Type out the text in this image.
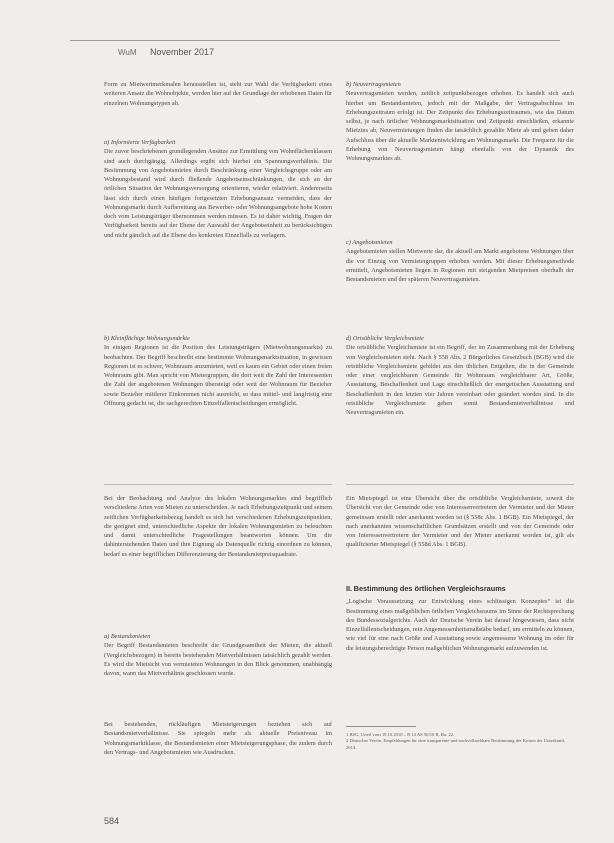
WuM November 2017

Form zu Mietwertmerkmalen herausstellen ist, steht zur Wahl die Verfügbarkeit eines weiteren Ansatz die Wohnobjekte, werden hier auf der Grundlage der erhobenen Daten für einzelnen Wohnungstypen ab.

a) Informierte Verfügbarkeit

Die zuvor beschriebenen grundlegenden Ansätze zur Ermittlung von Wohnflächenklassen sind auch durchgängig. Allerdings ergibt sich hierbei ein Spannungsverhältnis. Die Bestimmung von Angebotsmieten durch Beschränkung einer Vergleichsgruppe oder am Wohnungsbestand wird durch fließende Angebotseinschränkungen, die sich an der örtlichen Situation der Wohnungsversorgung orientieren, wieder relativiert. Andererseits lässt sich durch einen häufigen fortgesetzten Erhebungsansatz vermeiden, dass der Wohnungsmarkt durch Aufbereitung aus Bewerber- oder Wohnungsangebote hohe Kosten doch vom Leistungsträger übernommen werden müssen. Es ist daher wichtig, Fragen der Verfügbarkeit bereits auf der Ebene der Auswahl der Angebotseinheit zu berücksichtigen und nicht gänzlich auf die Ebene des konkreten Einzelfalls zu verlagern.

b) Kleinflächige Wohnungsmärkte

In einigen Regionen ist die Position des Leistungsträgers (Mietwohnungsmarkts) zu beobachten. Der Begriff beschreibt eine bestimmte Wohnungsmarktsituation, in gewissen Regionen ist es schwer, Wohnraum anzumieten, weil es kaum ein Gebiet oder einen freien Wohnraum gibt. Man spricht von Mietergruppen, die dort weit die Zahl der Interessenten die Zahl der angebotenen Wohnungen übersteigt oder weit der Wohnraum für Bezieher sowie Bezieher mittlerer Einkommen nicht ausreicht, so dass mittel- und langfristig eine Öffnung gedacht ist, die sachgerechten Einzelfallentscheidungen ermöglicht.

Bei der Beobachtung und Analyse des lokalen Wohnungsmarktes sind begrifflich verschiedene Arten von Mieten zu unterscheiden. Je nach Erhebungszeitpunkt und seinem zeitlichen Verfügbarkeitsbezug handelt es sich bei verschiedenen Erhebungszeitpunkten, die geeignet sind, unterschiedliche Aspekte der lokalen Wohnungsmieten zu beleuchten und damit unterschiedliche Fragestellungen beantworten können. Um die dahinterstehenden Daten und ihre Eignung als Datenquelle richtig einordnen zu können, bedarf es einer begrifflichen Differenzierung der Bestandsmietpreisquadrate.

a) Bestandsmieten

Der Begriff Bestandsmieten beschreibt die Grundgesamtheit der Mieten, die aktuell (Vergleichsbezogen) in bereits bestehenden Mietverhältnissen tatsächlich gezahlt werden. Es wird die Mietsicht von vermieteten Wohnungen in den Blick genommen, unabhängig davon, wann das Mietverhältnis geschlossen wurde.

Bei bestehenden, rückläufigen Mietsteigerungen beziehen sich auf Bestandsmietverhältnisse. Sie spiegeln mehr als aktuelle Preisniveau im Wohnungsmarktklasse, die Bestandsmieten einer Mietsteigerungsphase, die zudem durch den Vertrags- und Angebotsmieten wie Ausdrucken.

b) Neuvertragsmieten

Neuvertragsmieten werden, zeitlich zeitpunktbezogen erhoben. Es handelt sich auch hierbei um Bestandsmieten, jedoch mit der Maßgabe, der Vertragsabschluss im Erhebungszeitraum erfolgt ist. Der Zeitpunkt des Erhebungszeitraumes, wie das Datum selbst, je nach örtlicher Wohnungsmarktsituation und Zeitpunkt einschließen, erkannte Mietzins ab, Neuvermietungen finden die tatsächlich gezahlte Miete ab und geben daher Aufschluss über die aktuelle Marktentwicklung am Wohnungsmarkt. Die Frequenz für die Erhebung von Neuvertragsmieten hängt ebenfalls von der Dynamik des Wohnungsmarktes ab.

c) Angebotsmieten

Angebotsmieten stellen Mietwerte dar, die aktuell am Markt angebotene Wohnungen über die vor Einzug von Vermietergruppen erhoben werden. Mit dieser Erhebungsmethode ermittelt, Angebotsmieten liegen in Regionen mit steigenden Mietpreisen oberhalb der Bestandsmieten und der späteren Neuvertragsmieten.

d) Ortsübliche Vergleichsmiete

Die ortsübliche Vergleichsmiete ist ein Begriff, der im Zusammenhang mit der Erhebung von Vergleichsmieten steht. Nach § 558 Abs. 2 Bürgerliches Gesetzbuch (BGB) wird die ortsübliche Vergleichsmiete gebildet aus den üblichen Entgelten, die in der Gemeinde oder einer vergleichbaren Gemeinde für Wohnraum vergleichbarer Art, Größe, Ausstattung, Beschaffenheit und Lage einschließlich der energetischen Ausstattung und Beschaffenheit in den letzten vier Jahren vereinbart oder geändert worden sind. In die ortsübliche Vergleichsmiete gehen somit Bestandsmietverhältnisse und Neuvertragsmieten ein.

Ein Mietspiegel ist eine Übersicht über die ortsübliche Vergleichsmiete, soweit die Übersicht von der Gemeinde oder von Interessenvertretern der Vermieter und der Mieter gemeinsam erstellt oder anerkannt worden ist (§ 558c Abs. 1 BGB). Ein Mietspiegel, der nach anerkannten wissenschaftlichen Grundsätzen erstellt und von der Gemeinde oder von Interessenvertretern der Vermieter und der Mieter anerkannt worden ist, gilt als qualifizierter Mietspiegel (§ 558d Abs. 1 BGB).

II. Bestimmung des örtlichen Vergleichsraums

„Logische Voraussetzung zur Entwicklung eines schlüssigen Konzeptes“ ist die Bestimmung eines maßgeblichen örtlichen Vergleichsraums im Sinne der Rechtsprechung des Bundessozialgerichts. Auch der Deutsche Verein hat darauf hingewiesen, dass nicht Einzelfallentscheidungen, rein Angemessenheitsmaßstäbe bedarf, um ermitteln zu können, wie viel für eine nach Größe und Ausstattung sowie angemessene Wohnung im oder für die leistungsberechtigte Person maßgeblichen Wohnungsmarkt aufzuwenden ist.

1 BSG, Urteil vom 19.10.2010 – B 14 AS 50/10 R, Rn. 22.

2 Deutscher Verein, Empfehlungen für eine transparente und nachvollziehbare Bestimmung der Kosten der Unterkunft, 2014.

584
